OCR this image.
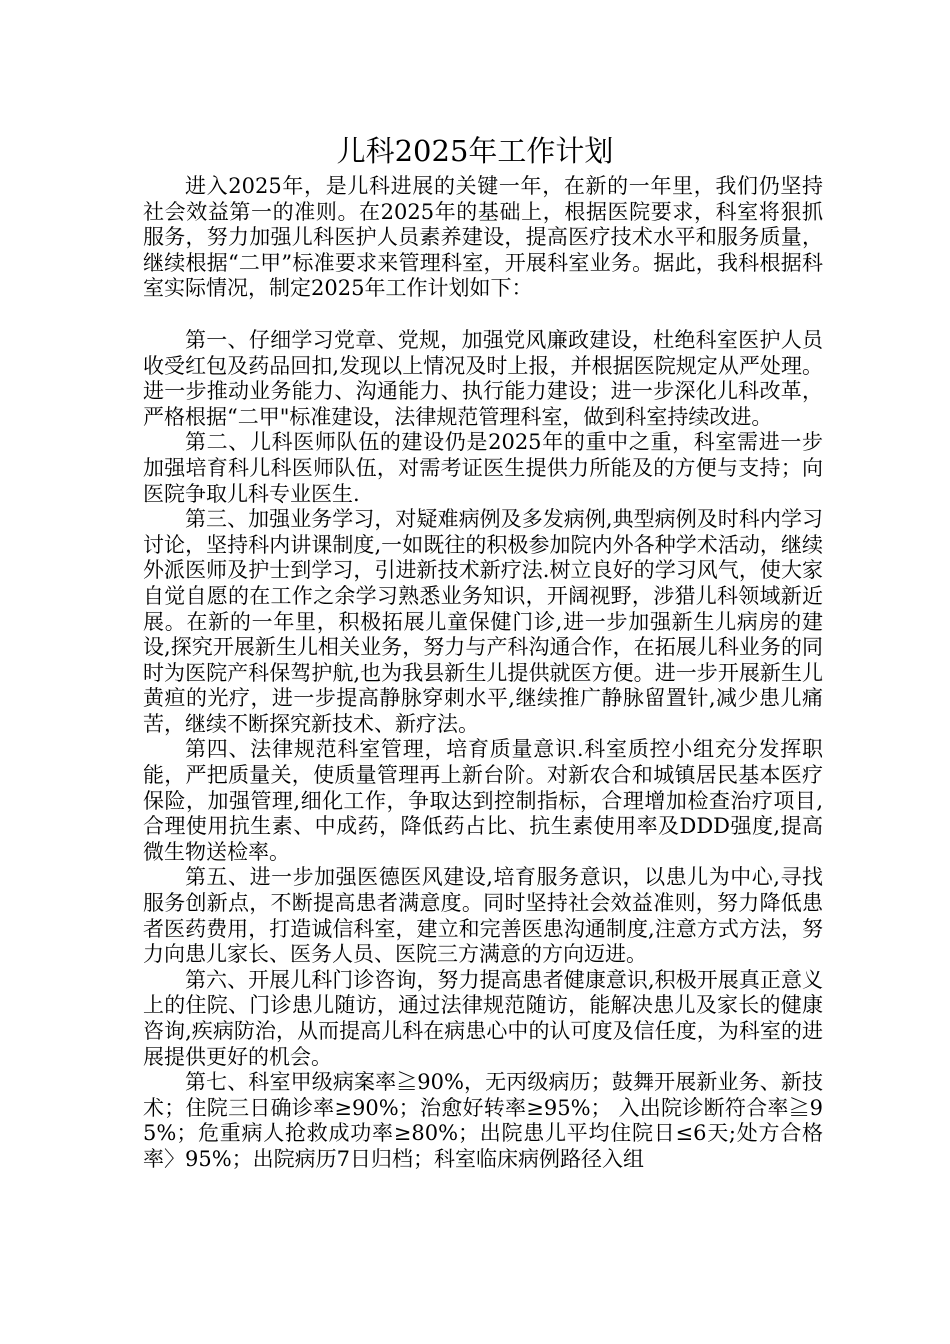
儿科2025年工作计划

进入2025年，是儿科进展的关键一年，在新的一年里，我们仍坚持社会效益第一的准则。在2025年的基础上，根据医院要求，科室将狠抓服务，努力加强儿科医护人员素养建设，提高医疗技术水平和服务质量，继续根据“二甲”标准要求来管理科室，开展科室业务。据此，我科根据科室实际情况，制定2025年工作计划如下：

第一、仔细学习党章、党规，加强党风廉政建设，杜绝科室医护人员收受红包及药品回扣,发现以上情况及时上报，并根据医院规定从严处理。进一步推动业务能力、沟通能力、执行能力建设；进一步深化儿科改革，严格根据“二甲"标准建设，法律规范管理科室，做到科室持续改进。

第二、儿科医师队伍的建设仍是2025年的重中之重，科室需进一步加强培育科儿科医师队伍，对需考证医生提供力所能及的方便与支持；向医院争取儿科专业医生.

第三、加强业务学习，对疑难病例及多发病例,典型病例及时科内学习讨论，坚持科内讲课制度,一如既往的积极参加院内外各种学术活动，继续外派医师及护士到学习，引进新技术新疗法.树立良好的学习风气，使大家自觉自愿的在工作之余学习熟悉业务知识，开阔视野，涉猎儿科领域新近展。在新的一年里，积极拓展儿童保健门诊,进一步加强新生儿病房的建设,探究开展新生儿相关业务，努力与产科沟通合作，在拓展儿科业务的同时为医院产科保驾护航,也为我县新生儿提供就医方便。进一步开展新生儿黄疸的光疗，进一步提高静脉穿刺水平,继续推广静脉留置针,减少患儿痛苦，继续不断探究新技术、新疗法。

第四、法律规范科室管理，培育质量意识.科室质控小组充分发挥职能，严把质量关，使质量管理再上新台阶。对新农合和城镇居民基本医疗保险，加强管理,细化工作，争取达到控制指标，合理增加检查治疗项目,合理使用抗生素、中成药，降低药占比、抗生素使用率及DDD强度,提高微生物送检率。

第五、进一步加强医德医风建设,培育服务意识，以患儿为中心,寻找服务创新点，不断提高患者满意度。同时坚持社会效益准则，努力降低患者医药费用，打造诚信科室，建立和完善医患沟通制度,注意方式方法，努力向患儿家长、医务人员、医院三方满意的方向迈进。

第六、开展儿科门诊咨询，努力提高患者健康意识,积极开展真正意义上的住院、门诊患儿随访，通过法律规范随访，能解决患儿及家长的健康咨询,疾病防治，从而提高儿科在病患心中的认可度及信任度，为科室的进展提供更好的机会。

第七、科室甲级病案率≧90%，无丙级病历；鼓舞开展新业务、新技术；住院三日确诊率≥90%；治愈好转率≥95%； 入出院诊断符合率≧95%；危重病人抢救成功率≥80%；出院患儿平均住院日≤6天;处方合格率〉95%；出院病历7日归档；科室临床病例路径入组
